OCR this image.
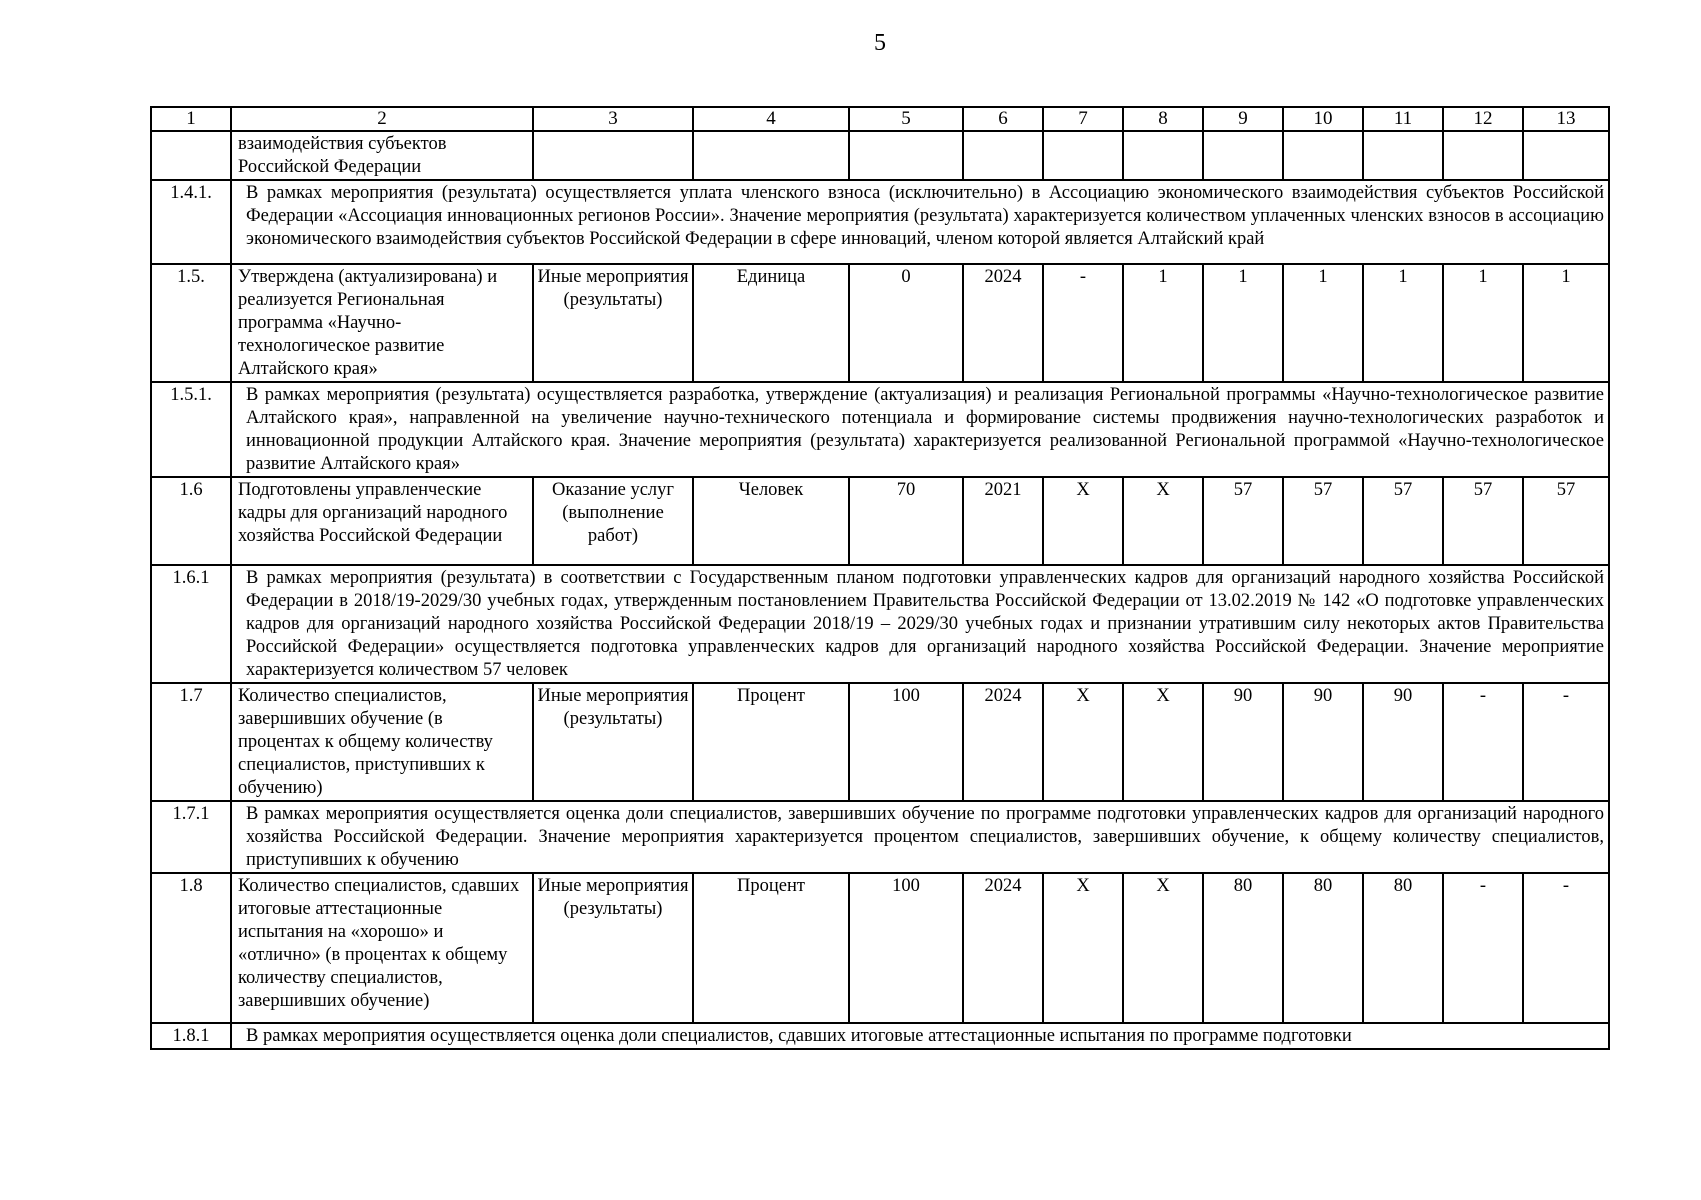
5
1	2	3	4	5	6	7	8	9	10	11	12	13
	взаимодействия субъектов Российской Федерации											
1.4.1.	В рамках мероприятия (результата) осуществляется уплата членского взноса (исключительно) в Ассоциацию экономического взаимодействия субъектов Российской Федерации «Ассоциация инновационных регионов России». Значение мероприятия (результата) характеризуется количеством уплаченных членских взносов в ассоциацию экономического взаимодействия субъектов Российской Федерации в сфере инноваций, членом которой является Алтайский край											
1.5.	Утверждена (актуализирована) и реализуется Региональная программа «Научно-технологическое развитие Алтайского края»	Иные мероприятия (результаты)	Единица	0	2024	-	1	1	1	1	1	1
1.5.1.	В рамках мероприятия (результата) осуществляется разработка, утверждение (актуализация) и реализация Региональной программы «Научно-технологическое развитие Алтайского края», направленной на увеличение научно-технического потенциала и формирование системы продвижения научно-технологических разработок и инновационной продукции Алтайского края. Значение мероприятия (результата) характеризуется реализованной Региональной программой «Научно-технологическое развитие Алтайского края»											
1.6	Подготовлены управленческие кадры для организаций народного хозяйства Российской Федерации	Оказание услуг (выполнение работ)	Человек	70	2021	X	X	57	57	57	57	57
1.6.1	В рамках мероприятия (результата) в соответствии с Государственным планом подготовки управленческих кадров для организаций народного хозяйства Российской Федерации в 2018/19-2029/30 учебных годах, утвержденным постановлением Правительства Российской Федерации от 13.02.2019 № 142 «О подготовке управленческих кадров для организаций народного хозяйства Российской Федерации 2018/19 – 2029/30 учебных годах и признании утратившим силу некоторых актов Правительства Российской Федерации» осуществляется подготовка управленческих кадров для организаций народного хозяйства Российской Федерации. Значение мероприятие характеризуется количеством 57 человек											
1.7	Количество специалистов, завершивших обучение (в процентах к общему количеству специалистов, приступивших к обучению)	Иные мероприятия (результаты)	Процент	100	2024	X	X	90	90	90	-	-
1.7.1	В рамках мероприятия осуществляется оценка доли специалистов, завершивших обучение по программе подготовки управленческих кадров для организаций народного хозяйства Российской Федерации. Значение мероприятия характеризуется процентом специалистов, завершивших обучение, к общему количеству специалистов, приступивших к обучению											
1.8	Количество специалистов, сдавших итоговые аттестационные испытания на «хорошо» и «отлично» (в процентах к общему количеству специалистов, завершивших обучение)	Иные мероприятия (результаты)	Процент	100	2024	X	X	80	80	80	-	-
1.8.1	В рамках мероприятия осуществляется оценка доли специалистов, сдавших итоговые аттестационные испытания по программе подготовки											
